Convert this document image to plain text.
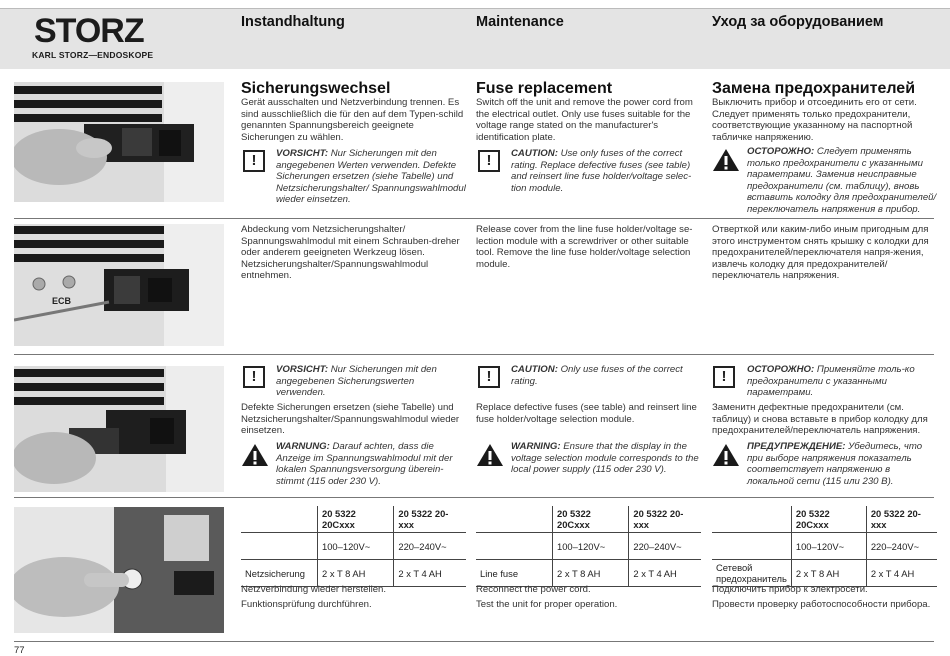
STORZ
KARL STORZ—ENDOSKOPE
Instandhaltung	Maintenance	Уход за оборудованием
Sicherungswechsel	Fuse replacement	Замена предохранителей
Gerät ausschalten und Netzverbindung trennen. Es sind ausschließlich die für den auf dem Typen-schild genannten Spannungsbereich geeignete Sicherungen zu wählen.
Switch off the unit and remove the power cord from the electrical outlet. Only use fuses suitable for the voltage range stated on the manufacturer's identification plate.
Выключить прибор и отсоединить его от сети. Следует применять только предохранители, соответствующие указанному на паспортной табличке напряжению.
!
VORSICHT: Nur Sicherungen mit den angegebenen Werten verwenden. Defekte Sicherungen ersetzen (siehe Tabelle) und Netzsicherungshalter/ Spannungswahlmodul wieder einsetzen.
!
CAUTION: Use only fuses of the correct rating. Replace defective fuses (see table) and reinsert line fuse holder/voltage selec-tion module.
ОСТОРОЖНО: Следует применять только предохранители с указанными параметрами. Заменив неисправные предохранители (см. таблицу), вновь вставить колодку для предохранителей/ переключатель напряжения в прибор.
ECB
Abdeckung vom Netzsicherungshalter/ Spannungswahlmodul mit einem Schrauben-dreher oder anderem geeigneten Werkzeug lösen. Netzsicherungshalter/Spannungswahlmodul entnehmen.
Release cover from the line fuse holder/voltage se-lection module with a screwdriver or other suitable tool. Remove the line fuse holder/voltage selection module.
Отверткой или каким-либо иным пригодным для этого инструментом снять крышку с колодки для предохранителей/переключателя напря-жения, извлечь колодку для предохранителей/ переключатель напряжения.
!
VORSICHT: Nur Sicherungen mit den angegebenen Sicherungswerten verwenden.
!
CAUTION: Only use fuses of the correct rating.
!
ОСТОРОЖНО: Применяйте толь-ко предохранители с указанными параметрами.
Defekte Sicherungen ersetzen (siehe Tabelle) und Netzsicherungshalter/Spannungswahlmodul wieder einsetzen.
Replace defective fuses (see table) and reinsert line fuse holder/voltage selection module.
Заменитн дефектные предохранители (см. таблицу) и снова вставьте в прибор колодку для предохранителей/переключатель напряжения.
WARNUNG: Darauf achten, dass die Anzeige im Spannungswahlmodul mit der lokalen Spannungsversorgung überein-stimmt (115 oder 230 V).
WARNING: Ensure that the display in the voltage selection module corresponds to the local power supply (115 oder 230 V).
ПРЕДУПРЕЖДЕНИЕ: Убедитесь, что при выборе напряжения показатель соответствует напряжению в локальной сети (115 или 230 В).
	20 5322 20Cxxx	20 5322 20-xxx
	100–120V~	220–240V~
Netzsicherung	2 x T 8 AH	2 x T 4 AH
	20 5322 20Cxxx	20 5322 20-xxx
	100–120V~	220–240V~
Line fuse	2 x T 8 AH	2 x T 4 AH
	20 5322 20Cxxx	20 5322 20-xxx
	100–120V~	220–240V~
Сетевой
предохранитель	2 x T 8 AH	2 x T 4 AH
Netzverbindung wieder herstellen.
Funktionsprüfung durchführen.
Reconnect the power cord.
Test the unit for proper operation.
Подключить прибор к электросети.
Провести проверку работоспособности прибора.
77
